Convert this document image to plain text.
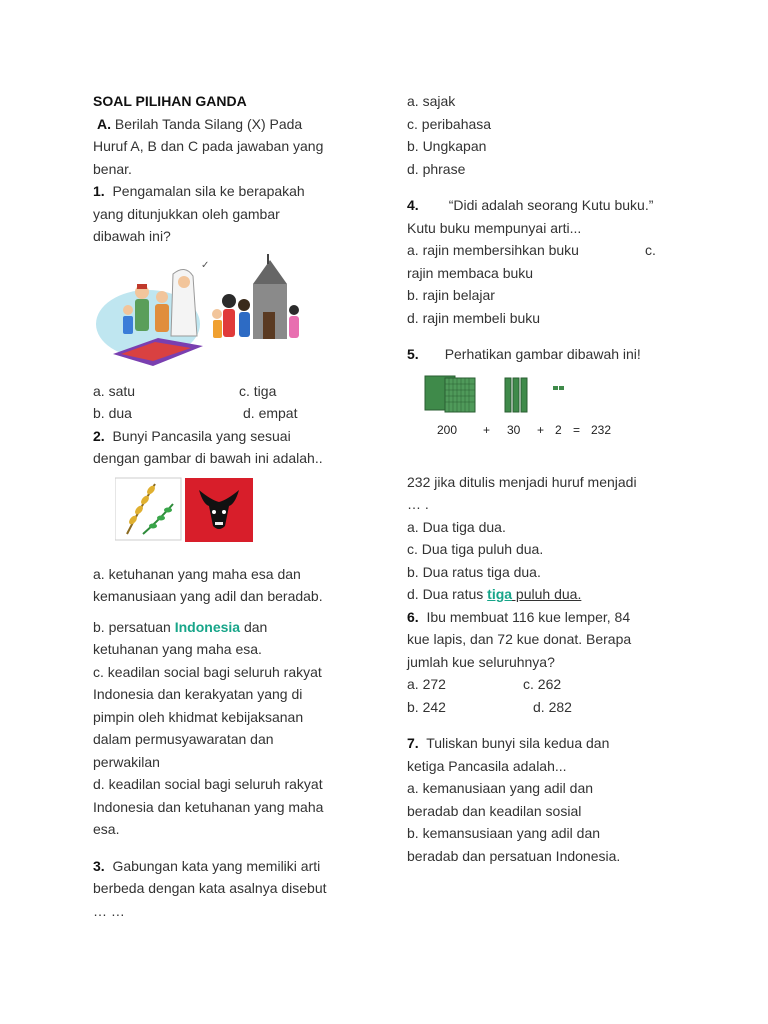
SOAL PILIHAN GANDA
A. Berilah Tanda Silang (X) Pada
Huruf A, B dan C pada jawaban yang
benar.
1. Pengamalan sila ke berapakah
yang ditunjukkan oleh gambar
dibawah ini?
✓
a. satu	c. tiga
b. dua	d. empat
2. Bunyi Pancasila yang sesuai
dengan gambar di bawah ini adalah..
a. ketuhanan yang maha esa dan
kemanusiaan yang adil dan beradab.
b. persatuan Indonesia dan
ketuhanan yang maha esa.
c. keadilan social bagi seluruh rakyat
Indonesia dan kerakyatan yang di
pimpin oleh khidmat kebijaksanan
dalam permusyawaratan dan
perwakilan
d. keadilan social bagi seluruh rakyat
Indonesia dan ketuhanan yang maha
esa.
3. Gabungan kata yang memiliki arti
berbeda dengan kata asalnya disebut
… …
a. sajak
c. peribahasa
b. Ungkapan
d. phrase
4. “Didi adalah seorang Kutu buku.”
Kutu buku mempunyai arti...
a. rajin membersihkan buku	c.
rajin membaca buku
b. rajin belajar
d. rajin membeli buku
5. Perhatikan gambar dibawah ini!
200 + 30 + 2 = 232
232 jika ditulis menjadi huruf menjadi
… .
a. Dua tiga dua.
c. Dua tiga puluh dua.
b. Dua ratus tiga dua.
d. Dua ratus tiga puluh dua.
6. Ibu membuat 116 kue lemper, 84
kue lapis, dan 72 kue donat. Berapa
jumlah kue seluruhnya?
a. 272	c. 262
b. 242	d. 282
7. Tuliskan bunyi sila kedua dan
ketiga Pancasila adalah...
a. kemanusiaan yang adil dan
beradab dan keadilan sosial
b. kemansusiaan yang adil dan
beradab dan persatuan Indonesia.
